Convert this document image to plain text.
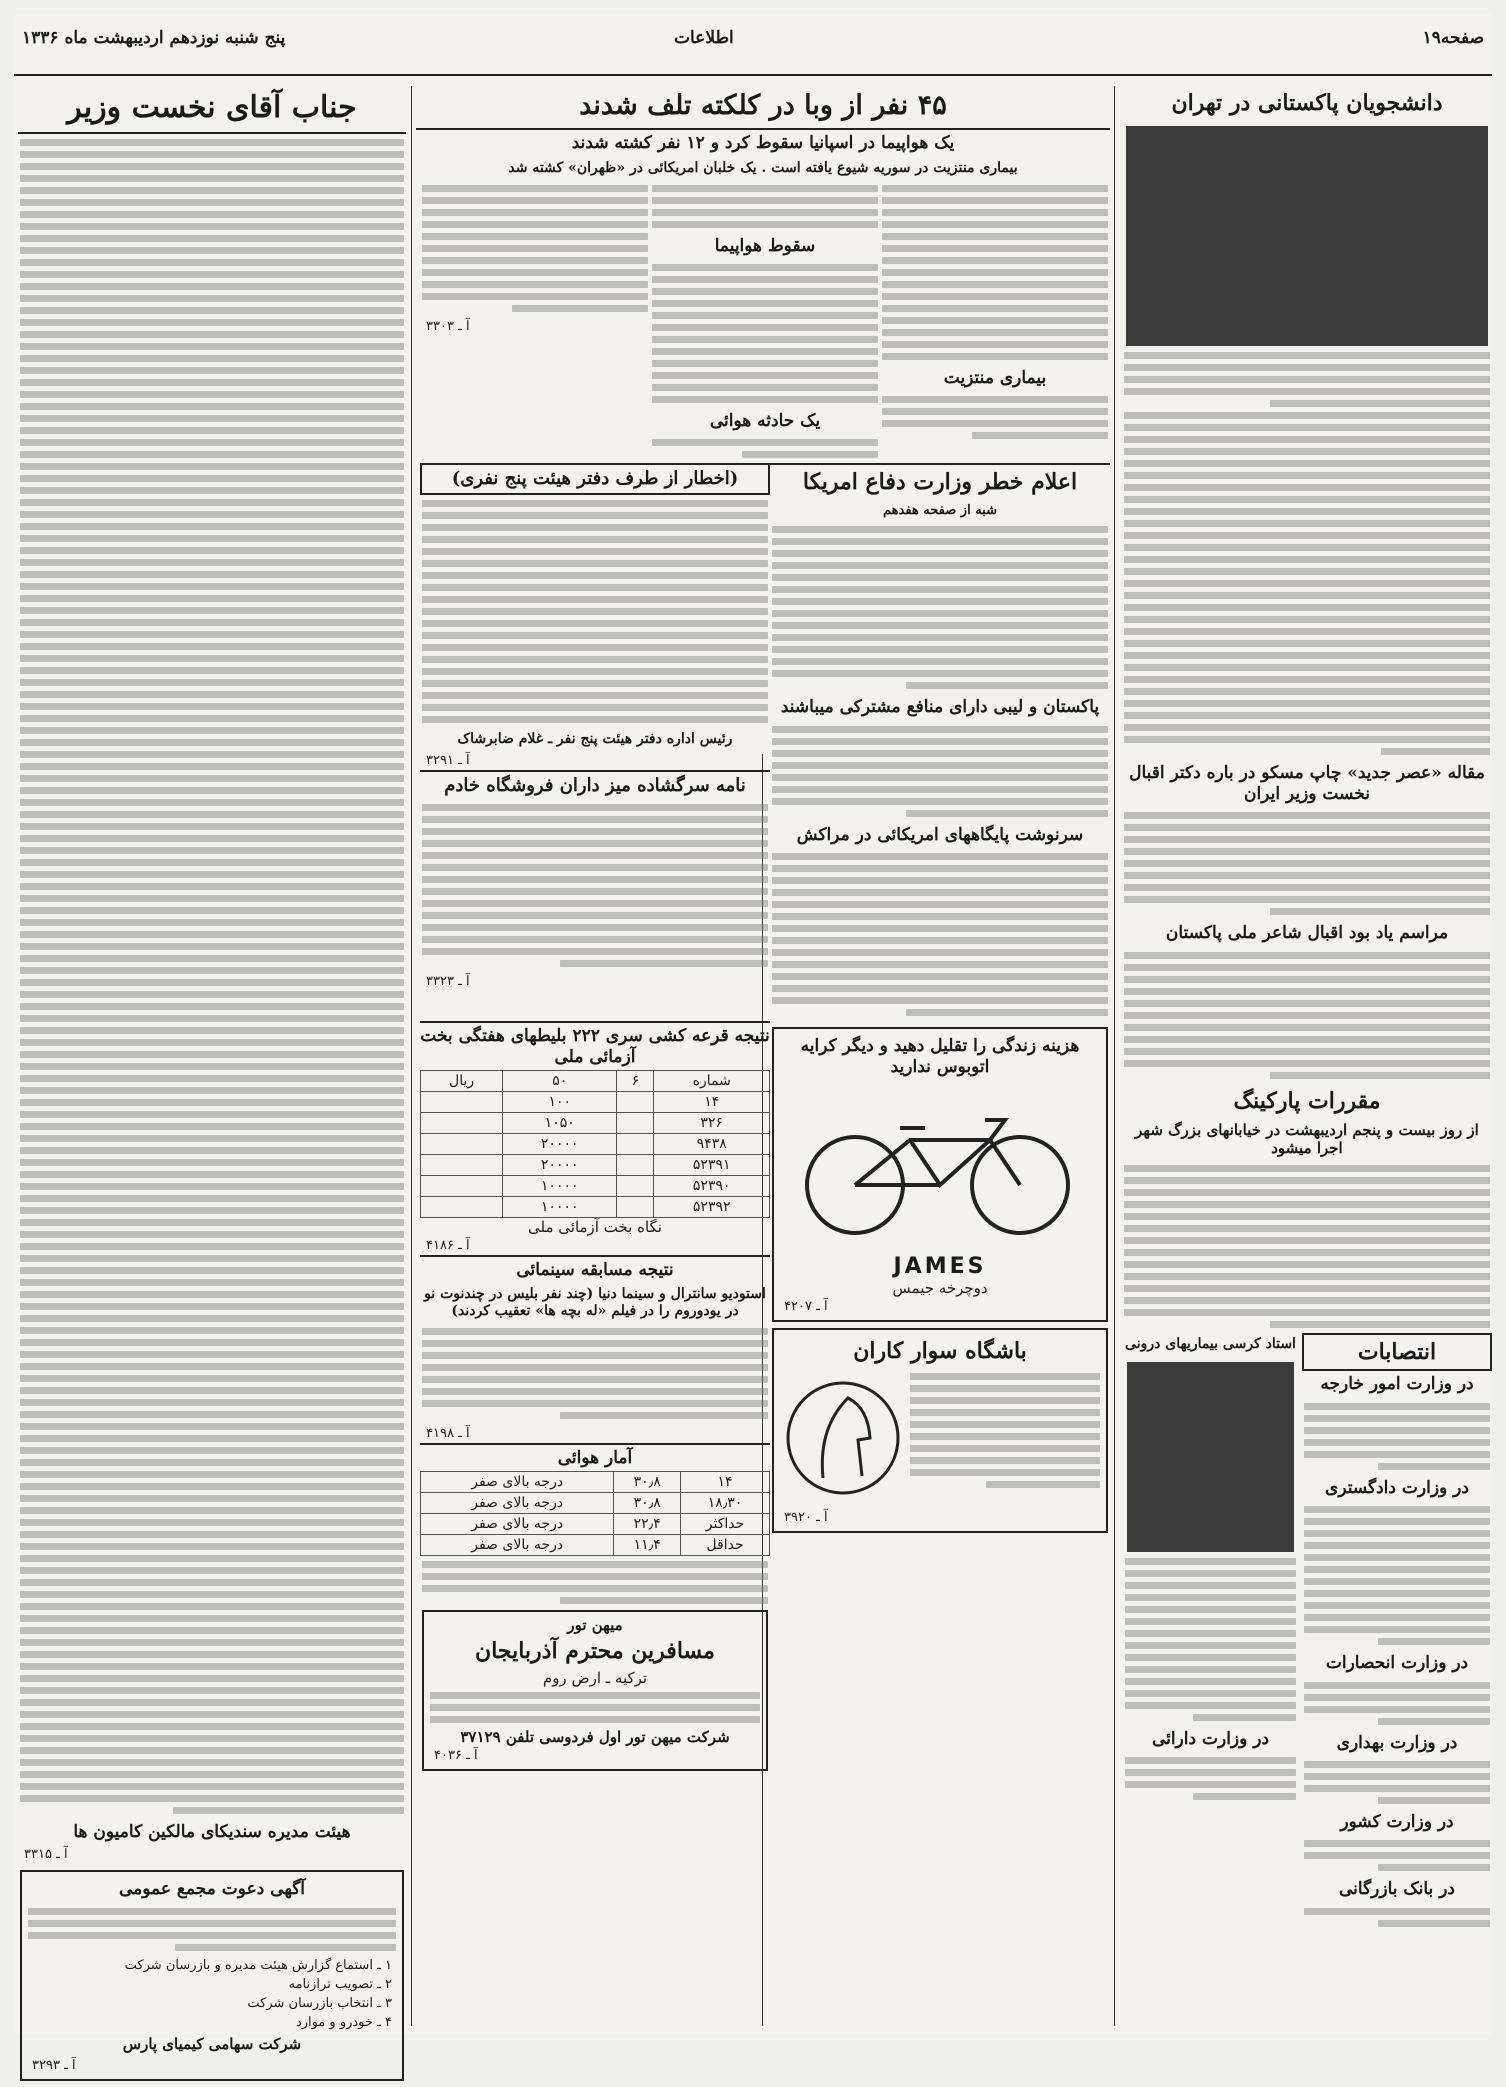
صفحه۱۹
اطلاعات
پنج شنبه نوزدهم اردیبهشت ماه ۱۳۳۶
دانشجویان پاکستانی در تهران
مقاله «عصر جدید» چاپ مسکو در باره دکتر اقبال نخست وزیر ایران
مراسم یاد بود اقبال شاعر ملی پاکستان
مقررات پارکینگ
از روز بیست و پنجم اردیبهشت در خیابانهای بزرگ شهر اجرا میشود
انتصابات
در وزارت امور خارجه
در وزارت دادگستری
در وزارت انحصارات
در وزارت بهداری
در وزارت کشور
در بانک بازرگانی
استاد کرسی بیماریهای درونی
در وزارت دارائی
۴۵ نفر از وبا در کلکته تلف شدند
یک هواپیما در اسپانیا سقوط کرد و ۱۲ نفر کشته شدند
بیماری منتزیت در سوریه شیوع یافته است . یک خلبان امریکائی در «ظهران» کشته شد
بیماری منتزیت
سقوط هواپیما
یک حادثه هوائی
آ ـ ۳۳۰۳
اعلام خطر وزارت دفاع امریکا
شبه از صفحه هفدهم
پاکستان و لیبی دارای منافع مشترکی میباشند
سرنوشت پایگاههای امریکائی در مراکش
(اخطار از طرف دفتر هیئت پنج نفری)
رئیس اداره دفتر هیئت پنج نفر ـ غلام ضابرشاک
آ ـ ۳۲۹۱
نامه سرگشاده میز داران فروشگاه خادم
آ ـ ۳۳۲۳
هزینه زندگی را تقلیل دهید و دیگر کرایه اتوبوس ندارید
JAMES
دوچرخه جیمس
آ ـ ۴۲۰۷
باشگاه سوار کاران
آ ـ ۳۹۲۰
نتیجه قرعه کشی سری ۲۲۲ بلیطهای هفتگی بخت آزمائی ملی
شماره	۶	۵۰	ریال
۱۴		۱۰۰	
۳۲۶		۱۰۵۰	
۹۴۳۸		۲۰۰۰۰	
۵۲۳۹۱		۲۰۰۰۰	
۵۲۳۹۰		۱۰۰۰۰	
۵۲۳۹۲		۱۰۰۰۰	
نگاه بخت آزمائی ملی
آ ـ ۴۱۸۶
نتیجه مسابقه سینمائی
استودیو سانترال و سینما دنیا (چند نفر بلیس در چندنوت نو در یودوروم را در فیلم «له بچه ها» تعقیب کردند)
آ ـ ۴۱۹۸
آمار هوائی
۱۴	۳۰٫۸	درجه بالای صفر
۱۸٫۳۰	۳۰٫۸	درجه بالای صفر
حداکثر	۲۲٫۴	درجه بالای صفر
حداقل	۱۱٫۴	درجه بالای صفر
میهن تور
مسافرین محترم آذربایجان
ترکیه ـ ارض روم
شرکت میهن تور اول فردوسی تلفن ۳۷۱۲۹
آ ـ ۴۰۳۶
جناب آقای نخست وزیر
هیئت مدیره سندیکای مالکین کامیون ها
آ ـ ۳۳۱۵
آگهی دعوت مجمع عمومی
۱ ـ استماع گزارش هیئت مدیره و بازرسان شرکت
۲ ـ تصویب ترازنامه
۳ ـ انتخاب بازرسان شرکت
۴ ـ خودرو و موارد
شرکت سهامی کیمیای پارس
آ ـ ۳۲۹۳
